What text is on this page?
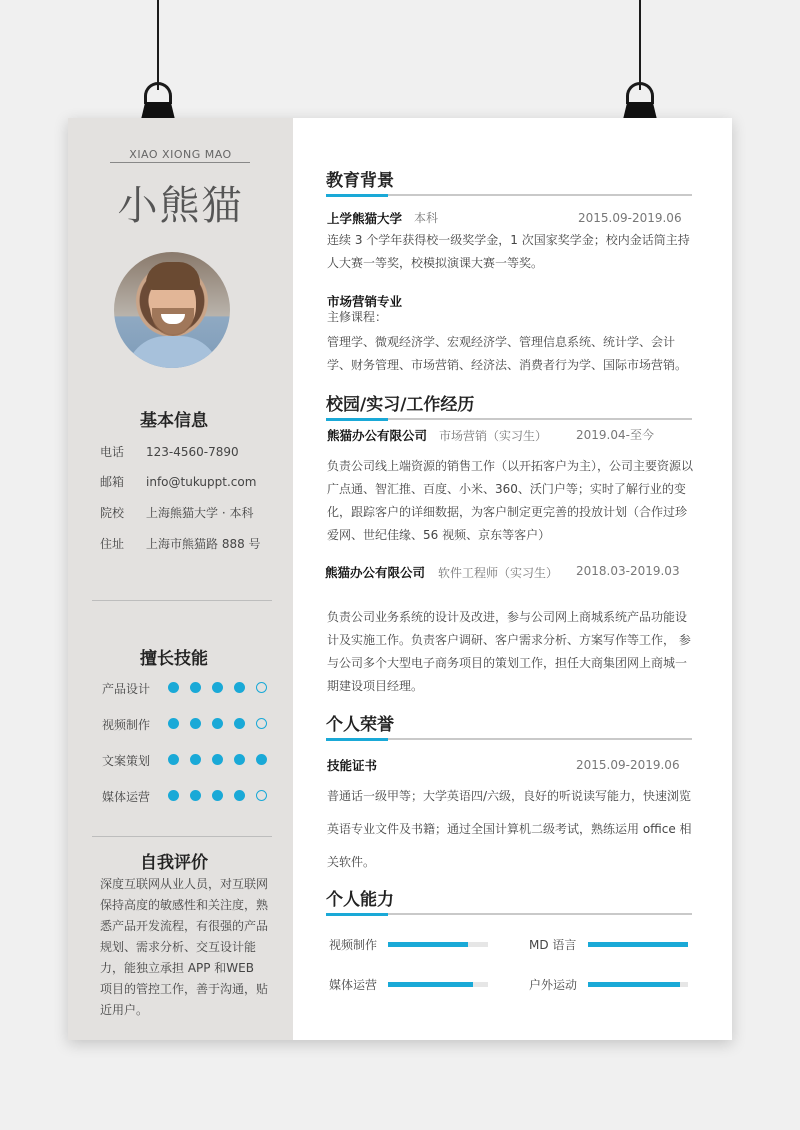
XIAO XIONG MAO
小熊猫
基本信息
电话 123-4560-7890
邮箱 info@tukuppt.com
院校 上海熊猫大学 · 本科
住址 上海市熊猫路 888 号
擅长技能
产品设计
视频制作
文案策划
媒体运营
自我评价
深度互联网从业人员，对互联网保持高度的敏感性和关注度，熟悉产品开发流程，有很强的产品规划、需求分析、交互设计能力，能独立承担 APP 和WEB 项目的管控工作，善于沟通，贴近用户。
教育背景
上学熊猫大学 本科	2015.09-2019.06
连续 3 个学年获得校一级奖学金，1 次国家奖学金；校内金话筒主持人大赛一等奖，校模拟演课大赛一等奖。
市场营销专业
主修课程：
管理学、微观经济学、宏观经济学、管理信息系统、统计学、会计学、财务管理、市场营销、经济法、消费者行为学、国际市场营销。
校园/实习/工作经历
熊猫办公有限公司 市场营销（实习生） 2019.04-至今
负责公司线上端资源的销售工作（以开拓客户为主），公司主要资源以广点通、智汇推、百度、小米、360、沃门户等；实时了解行业的变化，跟踪客户的详细数据，为客户制定更完善的投放计划（合作过珍爱网、世纪佳缘、56 视频、京东等客户）
熊猫办公有限公司 软件工程师（实习生） 2018.03-2019.03
负责公司业务系统的设计及改进，参与公司网上商城系统产品功能设计及实施工作。负责客户调研、客户需求分析、方案写作等工作， 参与公司多个大型电子商务项目的策划工作，担任大商集团网上商城一期建设项目经理。
个人荣誉
技能证书	2015.09-2019.06
普通话一级甲等；大学英语四/六级，良好的听说读写能力，快速浏览英语专业文件及书籍；通过全国计算机二级考试，熟练运用 office 相关软件。
个人能力
视频制作	MD 语言
媒体运营	户外运动
